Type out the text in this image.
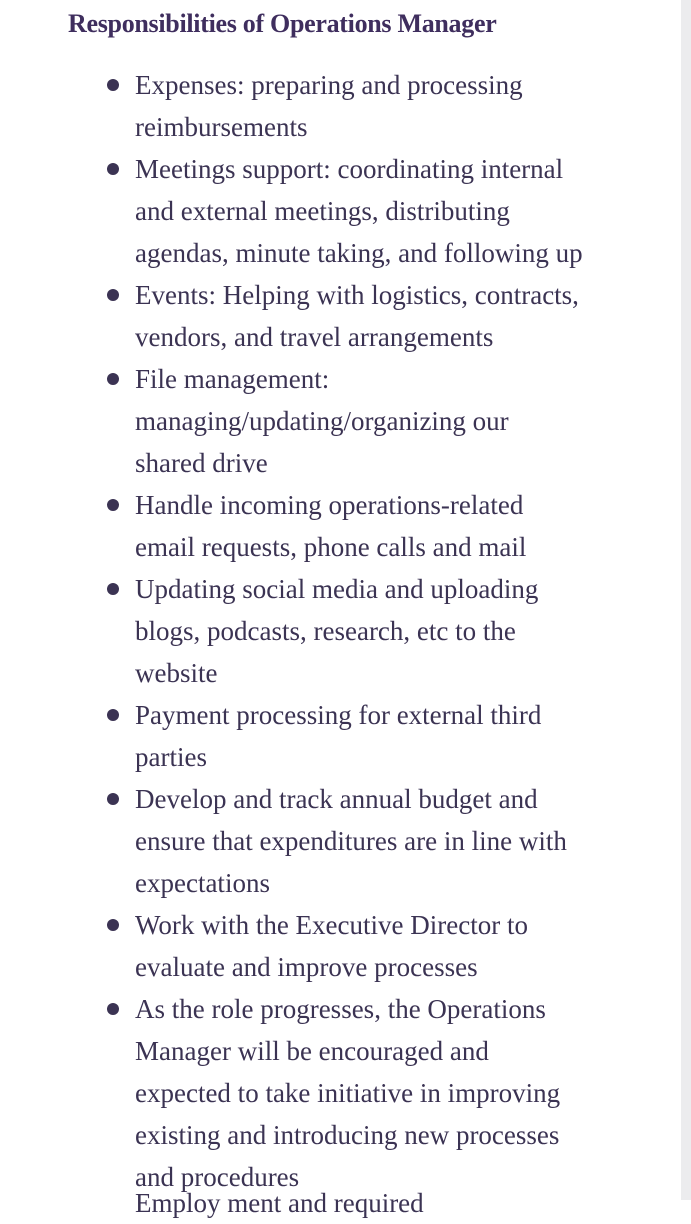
Responsibilities of Operations Manager
Expenses: preparing and processing
reimbursements
Meetings support: coordinating internal
and external meetings, distributing
agendas, minute taking, and following up
Events: Helping with logistics, contracts,
vendors, and travel arrangements
File management:
managing/updating/organizing our
shared drive
Handle incoming operations-related
email requests, phone calls and mail
Updating social media and uploading
blogs, podcasts, research, etc to the
website
Payment processing for external third
parties
Develop and track annual budget and
ensure that expenditures are in line with
expectations
Work with the Executive Director to
evaluate and improve processes
As the role progresses, the Operations
Manager will be encouraged and
expected to take initiative in improving
existing and introducing new processes
and procedures
Employ ment and required
